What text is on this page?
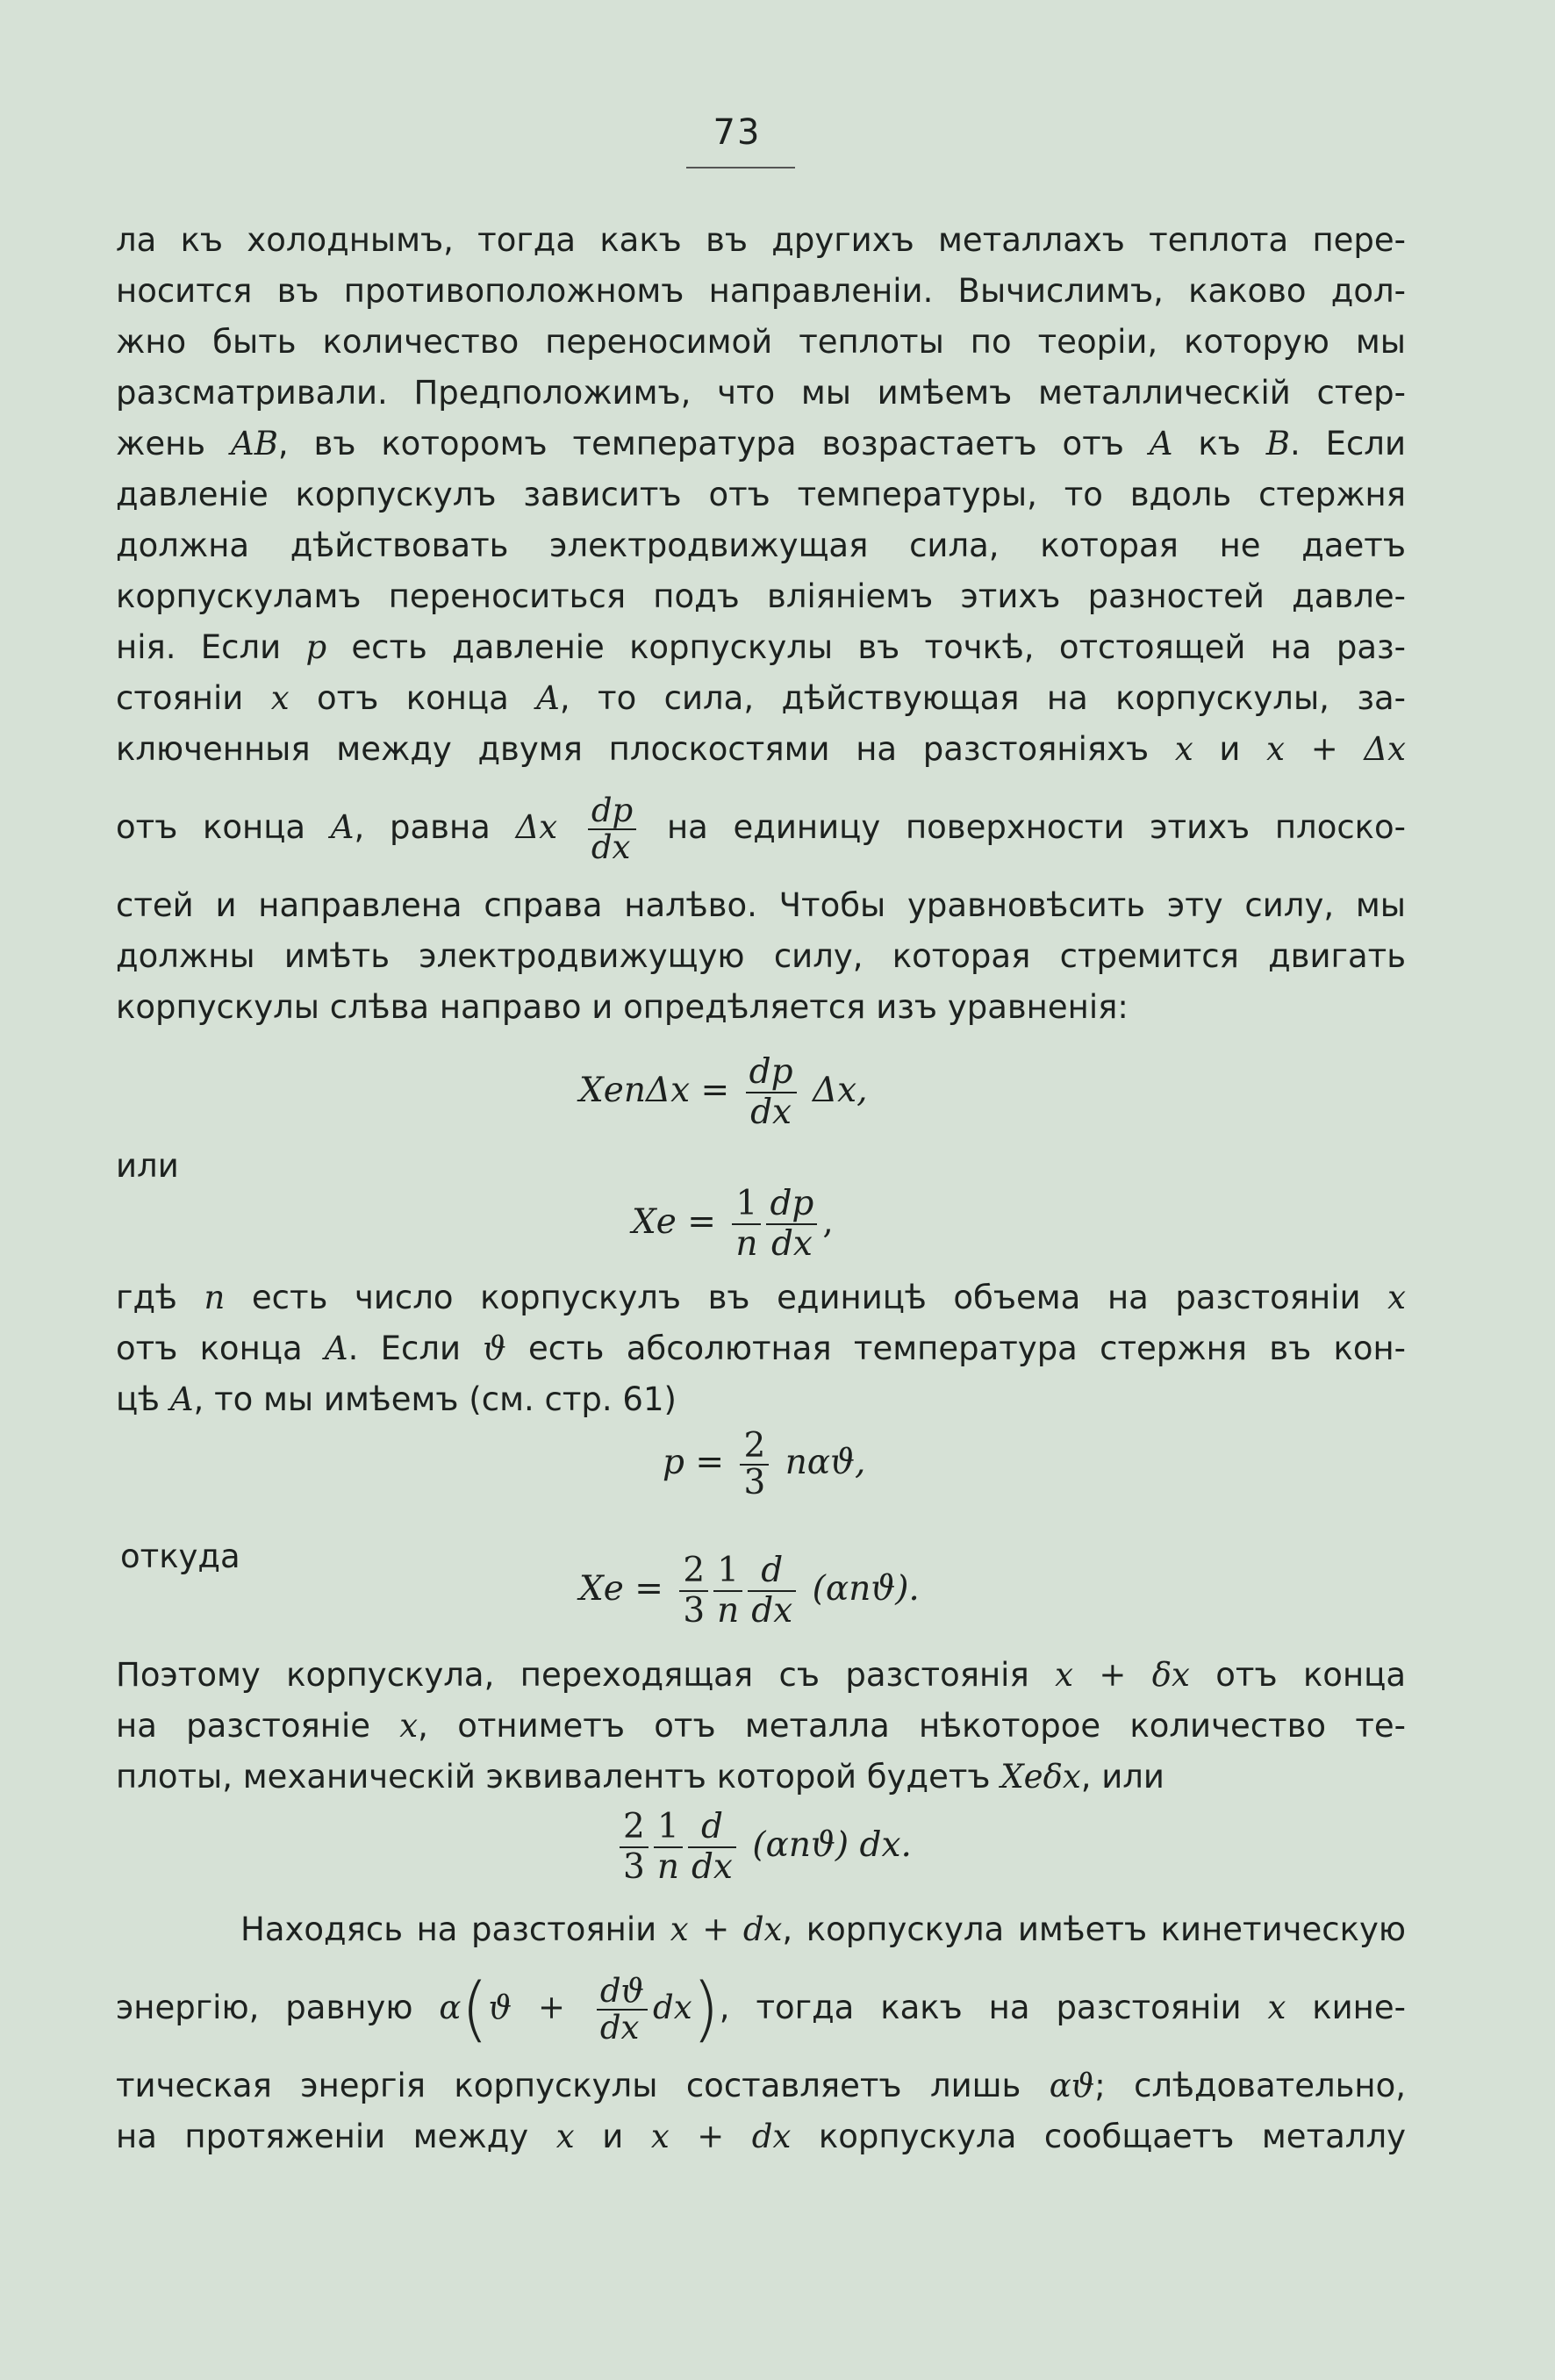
73
ла къ холоднымъ, тогда какъ въ другихъ металлахъ теплота пере-
носится въ противоположномъ направленіи. Вычислимъ, каково дол-
жно быть количество переносимой теплоты по теоріи, которую мы
разсматривали. Предположимъ, что мы имѣемъ металлическій стер-
жень AB, въ которомъ температура возрастаетъ отъ A къ B. Если
давленіе корпускулъ зависитъ отъ температуры, то вдоль стержня
должна дѣйствовать электродвижущая сила, которая не даетъ
корпускуламъ переноситься подъ вліяніемъ этихъ разностей давле-
нія. Если p есть давленіе корпускулы въ точкѣ, отстоящей на раз-
стояніи x отъ конца A, то сила, дѣйствующая на корпускулы, за-
ключенныя между двумя плоскостями на разстояніяхъ x и x + Δx
отъ конца A, равна Δx $\frac{dp}{dx}$ на единицу поверхности этихъ плоско-
стей и направлена справа налѣво. Чтобы уравновѣсить эту силу, мы
должны имѣть электродвижущую силу, которая стремится двигать
корпускулы слѣва направо и опредѣляется изъ уравненія:
$Xen\Delta x = \frac{dp}{dx} \Delta x$,
или
$Xe = \frac{1}{n} \frac{dp}{dx}$ ,
гдѣ n есть число корпускулъ въ единицѣ объема на разстояніи x
отъ конца A. Если ϑ есть абсолютная температура стержня въ кон-
цѣ A, то мы имѣемъ (см. стр. 61)
$p = \frac{2}{3} n\alpha ϑ$,
откуда
$Xe = \frac{2}{3} \frac{1}{n} \frac{d}{dx} (\alpha nϑ)$.
Поэтому корпускула, переходящая съ разстоянія x + δx отъ конца
на разстояніе x, отниметъ отъ металла нѣкоторое количество те-
плоты, механическій эквивалентъ которой будетъ Xeδx, или
$\frac{2}{3} \frac{1}{n} \frac{d}{dx} (\alpha nϑ)$ dx.
Находясь на разстояніи x + dx, корпускула имѣетъ кинетическую
энергію, равную $\alpha(ϑ + \frac{dϑ}{dx} dx)$, тогда какъ на разстояніи x кине-
тическая энергія корпускулы составляетъ лишь αϑ; слѣдовательно,
на протяженіи между x и x + dx корпускула сообщаетъ металлу
